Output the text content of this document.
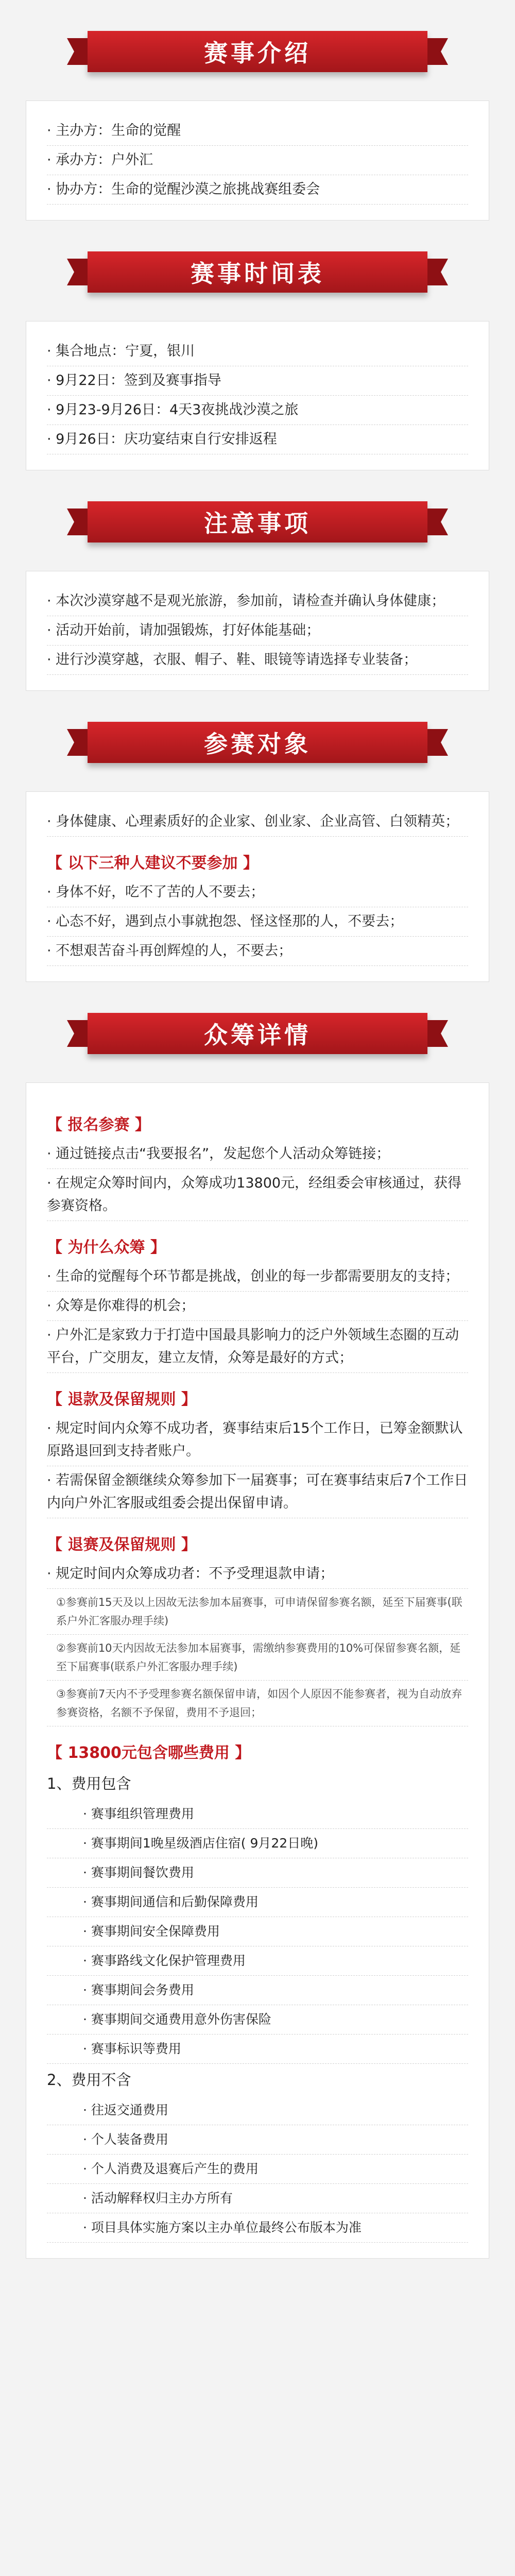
赛事介绍
· 主办方：生命的觉醒
· 承办方：户外汇
· 协办方：生命的觉醒沙漠之旅挑战赛组委会
赛事时间表
· 集合地点：宁夏，银川
· 9月22日：签到及赛事指导
· 9月23-9月26日：4天3夜挑战沙漠之旅
· 9月26日：庆功宴结束自行安排返程
注意事项
· 本次沙漠穿越不是观光旅游，参加前，请检查并确认身体健康；
· 活动开始前，请加强锻炼，打好体能基础；
· 进行沙漠穿越，衣服、帽子、鞋、眼镜等请选择专业装备；
参赛对象
· 身体健康、心理素质好的企业家、创业家、企业高管、白领精英；
【 以下三种人建议不要参加 】
· 身体不好，吃不了苦的人不要去；
· 心态不好，遇到点小事就抱怨、怪这怪那的人，不要去；
· 不想艰苦奋斗再创辉煌的人，不要去；
众筹详情
【 报名参赛 】
· 通过链接点击“我要报名”，发起您个人活动众筹链接；
· 在规定众筹时间内，众筹成功13800元，经组委会审核通过，获得参赛资格。
【 为什么众筹 】
· 生命的觉醒每个环节都是挑战，创业的每一步都需要朋友的支持；
· 众筹是你难得的机会；
· 户外汇是家致力于打造中国最具影响力的泛户外领域生态圈的互动平台，广交朋友，建立友情，众筹是最好的方式；
【 退款及保留规则 】
· 规定时间内众筹不成功者，赛事结束后15个工作日，已筹金额默认原路退回到支持者账户。
· 若需保留金额继续众筹参加下一届赛事；可在赛事结束后7个工作日内向户外汇客服或组委会提出保留申请。
【 退赛及保留规则 】
· 规定时间内众筹成功者：不予受理退款申请；
①参赛前15天及以上因故无法参加本届赛事，可申请保留参赛名额，延至下届赛事(联系户外汇客服办理手续)
②参赛前10天内因故无法参加本届赛事，需缴纳参赛费用的10%可保留参赛名额，延至下届赛事(联系户外汇客服办理手续)
③参赛前7天内不予受理参赛名额保留申请，如因个人原因不能参赛者，视为自动放弃参赛资格，名额不予保留，费用不予退回；
【 13800元包含哪些费用 】
1、费用包含
· 赛事组织管理费用
· 赛事期间1晚星级酒店住宿( 9月22日晚)
· 赛事期间餐饮费用
· 赛事期间通信和后勤保障费用
· 赛事期间安全保障费用
· 赛事路线文化保护管理费用
· 赛事期间会务费用
· 赛事期间交通费用意外伤害保险
· 赛事标识等费用
2、费用不含
· 往返交通费用
· 个人装备费用
· 个人消费及退赛后产生的费用
· 活动解释权归主办方所有
· 项目具体实施方案以主办单位最终公布版本为准
